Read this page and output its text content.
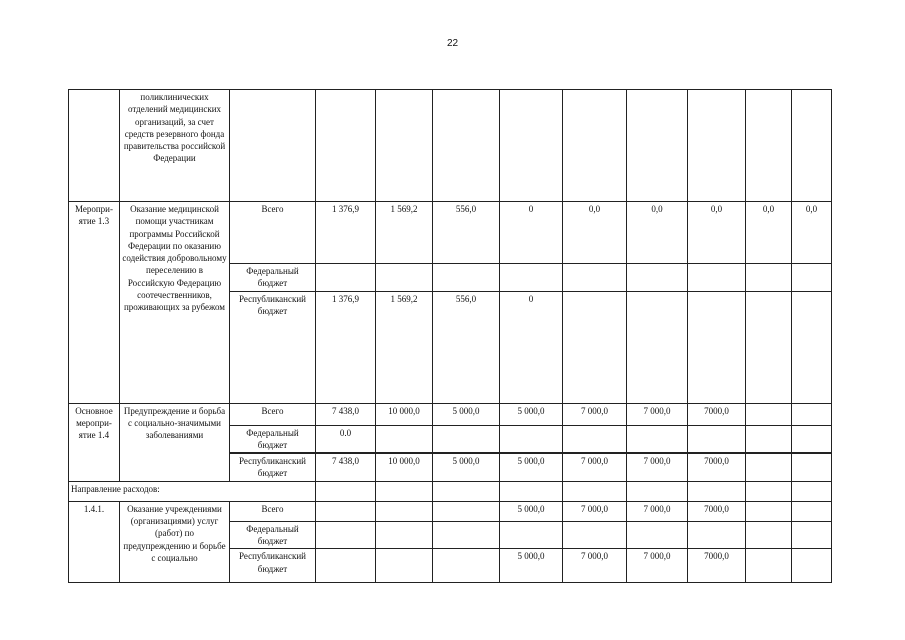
22
	поликлинических отделений медицинских организаций, за счет средств резервного фонда правительства российской Федерации										
Меропри-ятие 1.3	Оказание медицинской помощи участникам программы Российской Федерации по оказанию содействия добровольному переселению в Российскую Федерацию соотечественников, проживающих за рубежом	Всего	1 376,9	1 569,2	556,0	0	0,0	0,0	0,0	0,0	0,0
		Федеральный бюджет									
		Республиканский бюджет	1 376,9	1 569,2	556,0	0					
Основное меропри-ятие 1.4	Предупреждение и борьба с социально-значимыми заболеваниями	Всего	7 438,0	10 000,0	5 000,0	5 000,0	7 000,0	7 000,0	7000,0		
		Федеральный бюджет	0.0								
		Республиканский бюджет	7 438,0	10 000,0	5 000,0	5 000,0	7 000,0	7 000,0	7000,0		
Направление расходов:											
1.4.1.	Оказание учреждениями (организациями) услуг (работ) по предупреждению и борьбе с социально	Всего				5 000,0	7 000,0	7 000,0	7000,0		
		Федеральный бюджет									
		Республиканский бюджет				5 000,0	7 000,0	7 000,0	7000,0		
